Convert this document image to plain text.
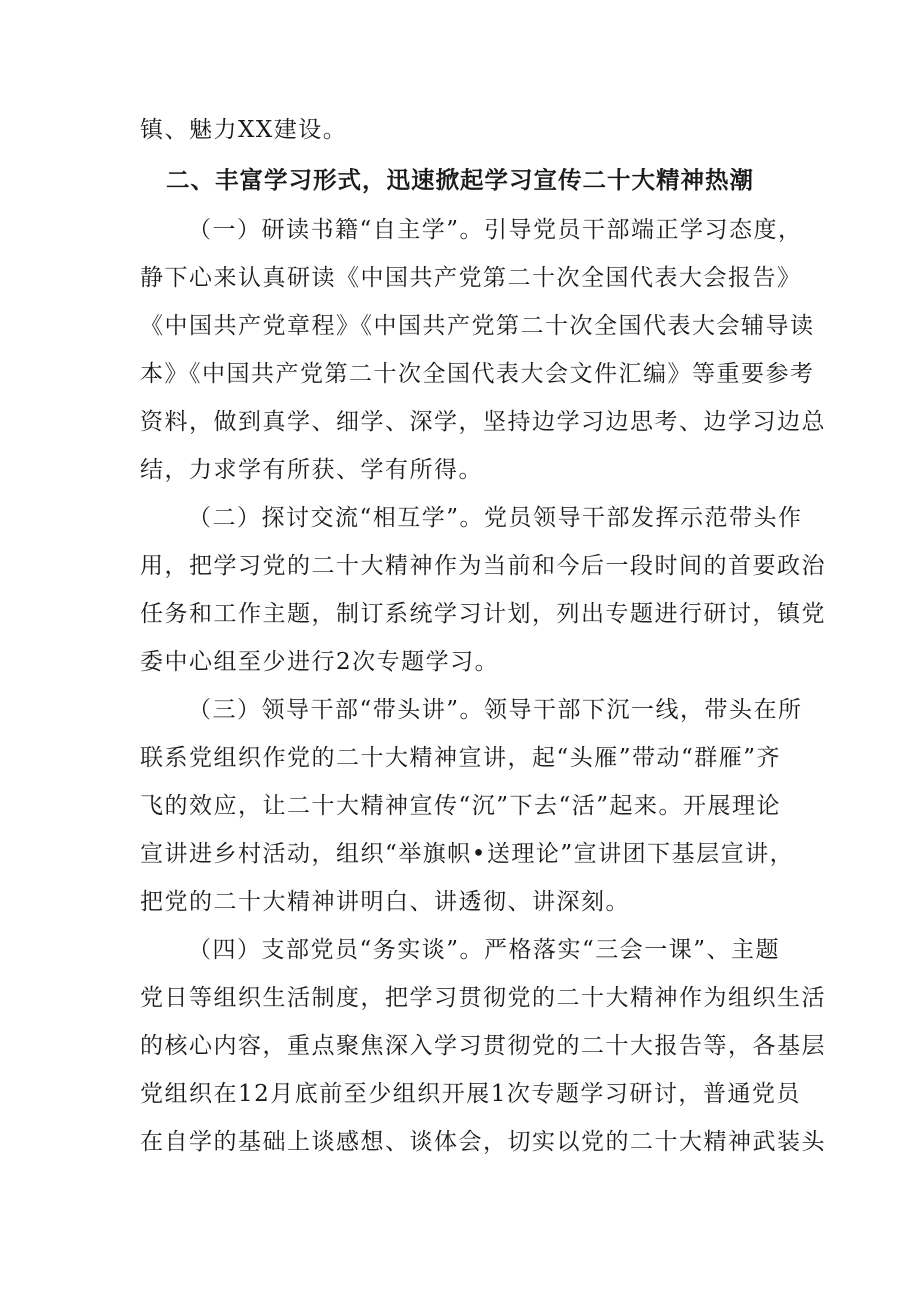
镇、魅力XX建设。
二、丰富学习形式，迅速掀起学习宣传二十大精神热潮
（一）研读书籍“自主学”。引导党员干部端正学习态度，
静下心来认真研读《中国共产党第二十次全国代表大会报告》
《中国共产党章程》《中国共产党第二十次全国代表大会辅导读
本》《中国共产党第二十次全国代表大会文件汇编》等重要参考
资料，做到真学、细学、深学，坚持边学习边思考、边学习边总
结，力求学有所获、学有所得。
（二）探讨交流“相互学”。党员领导干部发挥示范带头作
用，把学习党的二十大精神作为当前和今后一段时间的首要政治
任务和工作主题，制订系统学习计划，列出专题进行研讨，镇党
委中心组至少进行2次专题学习。
（三）领导干部“带头讲”。领导干部下沉一线，带头在所
联系党组织作党的二十大精神宣讲，起“头雁”带动“群雁”齐
飞的效应，让二十大精神宣传“沉”下去“活”起来。开展理论
宣讲进乡村活动，组织“举旗帜•送理论”宣讲团下基层宣讲，
把党的二十大精神讲明白、讲透彻、讲深刻。
（四）支部党员“务实谈”。严格落实“三会一课”、主题
党日等组织生活制度，把学习贯彻党的二十大精神作为组织生活
的核心内容，重点聚焦深入学习贯彻党的二十大报告等，各基层
党组织在12月底前至少组织开展1次专题学习研讨，普通党员
在自学的基础上谈感想、谈体会，切实以党的二十大精神武装头
